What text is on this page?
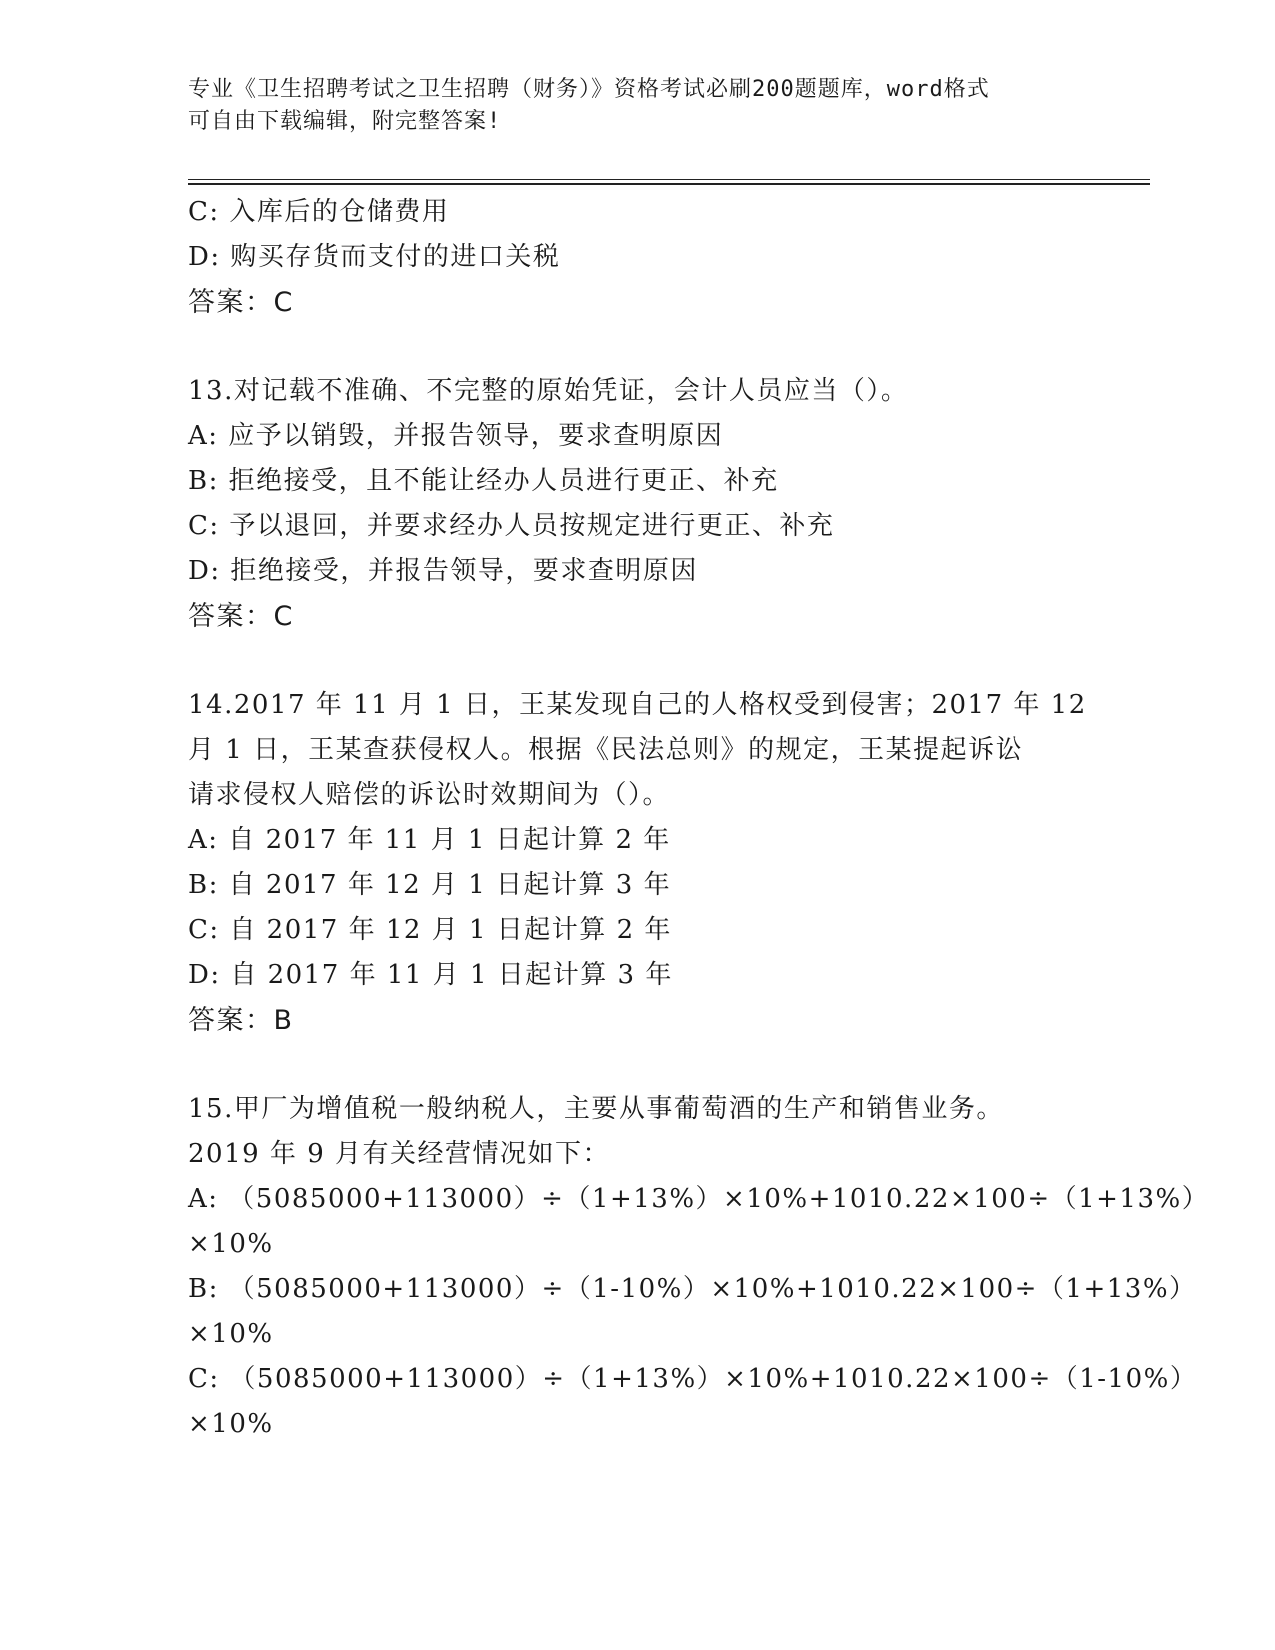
专业《卫生招聘考试之卫生招聘（财务）》资格考试必刷200题题库，word格式
可自由下载编辑，附完整答案!
C: 入库后的仓储费用
D: 购买存货而支付的进口关税
答案：C
13.对记载不准确、不完整的原始凭证，会计人员应当（）。
A: 应予以销毁，并报告领导，要求查明原因
B: 拒绝接受，且不能让经办人员进行更正、补充
C: 予以退回，并要求经办人员按规定进行更正、补充
D: 拒绝接受，并报告领导，要求查明原因
答案：C
14.2017 年 11 月 1 日，王某发现自己的人格权受到侵害；2017 年 12
月 1 日，王某查获侵权人。根据《民法总则》的规定，王某提起诉讼
请求侵权人赔偿的诉讼时效期间为（）。
A: 自 2017 年 11 月 1 日起计算 2 年
B: 自 2017 年 12 月 1 日起计算 3 年
C: 自 2017 年 12 月 1 日起计算 2 年
D: 自 2017 年 11 月 1 日起计算 3 年
答案：B
15.甲厂为增值税一般纳税人，主要从事葡萄酒的生产和销售业务。
2019 年 9 月有关经营情况如下：
A: （5085000+113000）÷（1+13%）×10%+1010.22×100÷（1+13%）
×10%
B: （5085000+113000）÷（1-10%）×10%+1010.22×100÷（1+13%）
×10%
C: （5085000+113000）÷（1+13%）×10%+1010.22×100÷（1-10%）
×10%
